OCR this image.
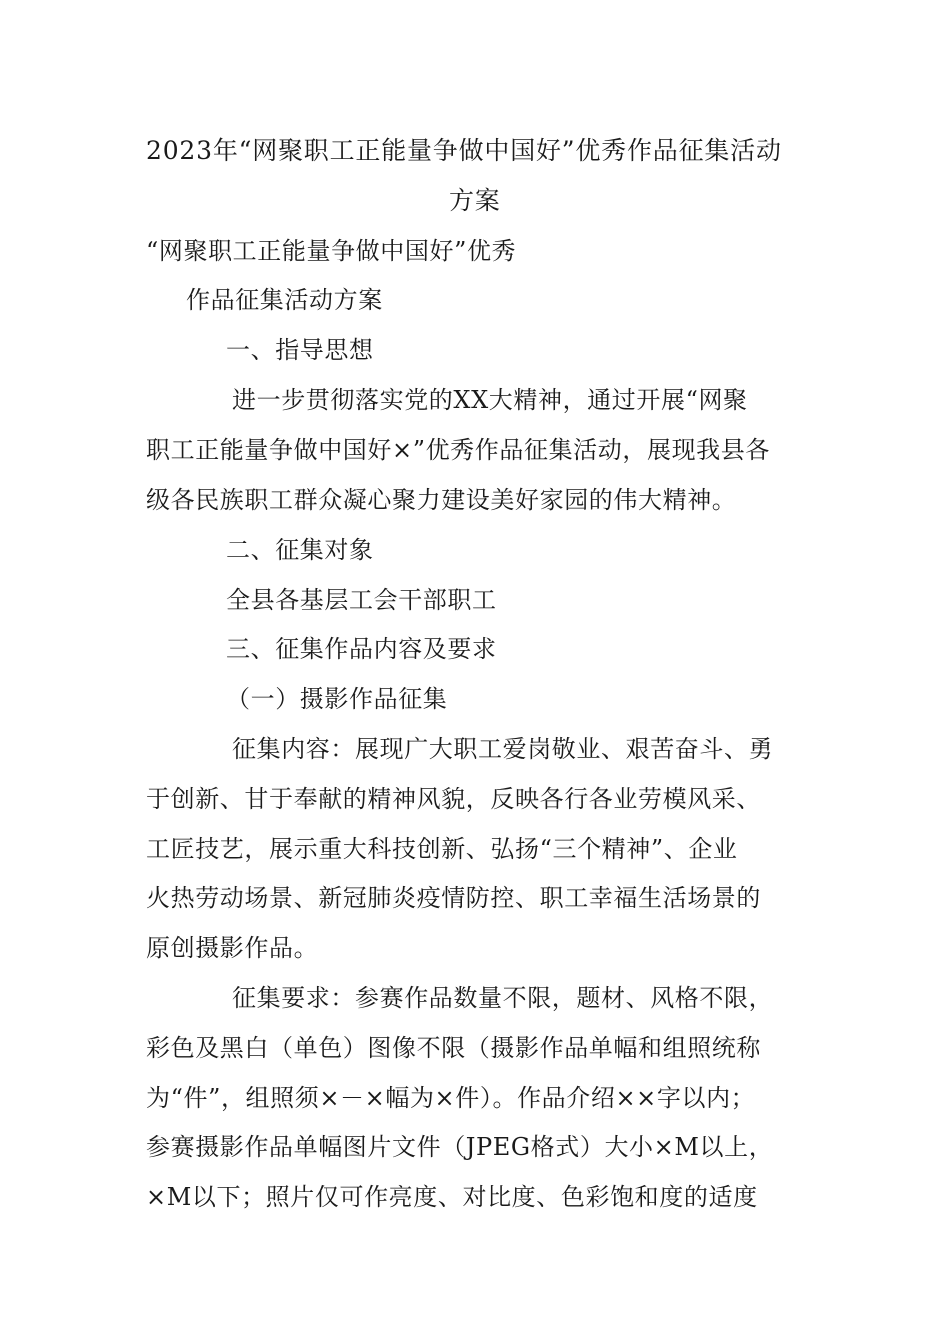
2023年“网聚职工正能量争做中国好”优秀作品征集活动
方案
“网聚职工正能量争做中国好”优秀
作品征集活动方案
一、指导思想
进一步贯彻落实党的XX大精神，通过开展“网聚
职工正能量争做中国好×”优秀作品征集活动，展现我县各
级各民族职工群众凝心聚力建设美好家园的伟大精神。
二、征集对象
全县各基层工会干部职工
三、征集作品内容及要求
（一）摄影作品征集
征集内容：展现广大职工爱岗敬业、艰苦奋斗、勇
于创新、甘于奉献的精神风貌，反映各行各业劳模风采、
工匠技艺，展示重大科技创新、弘扬“三个精神”、企业
火热劳动场景、新冠肺炎疫情防控、职工幸福生活场景的
原创摄影作品。
征集要求：参赛作品数量不限，题材、风格不限，
彩色及黑白（单色）图像不限（摄影作品单幅和组照统称
为“件”，组照须×－×幅为×件）。作品介绍××字以内；
参赛摄影作品单幅图片文件（JPEG格式）大小×M以上，
×M以下；照片仅可作亮度、对比度、色彩饱和度的适度
